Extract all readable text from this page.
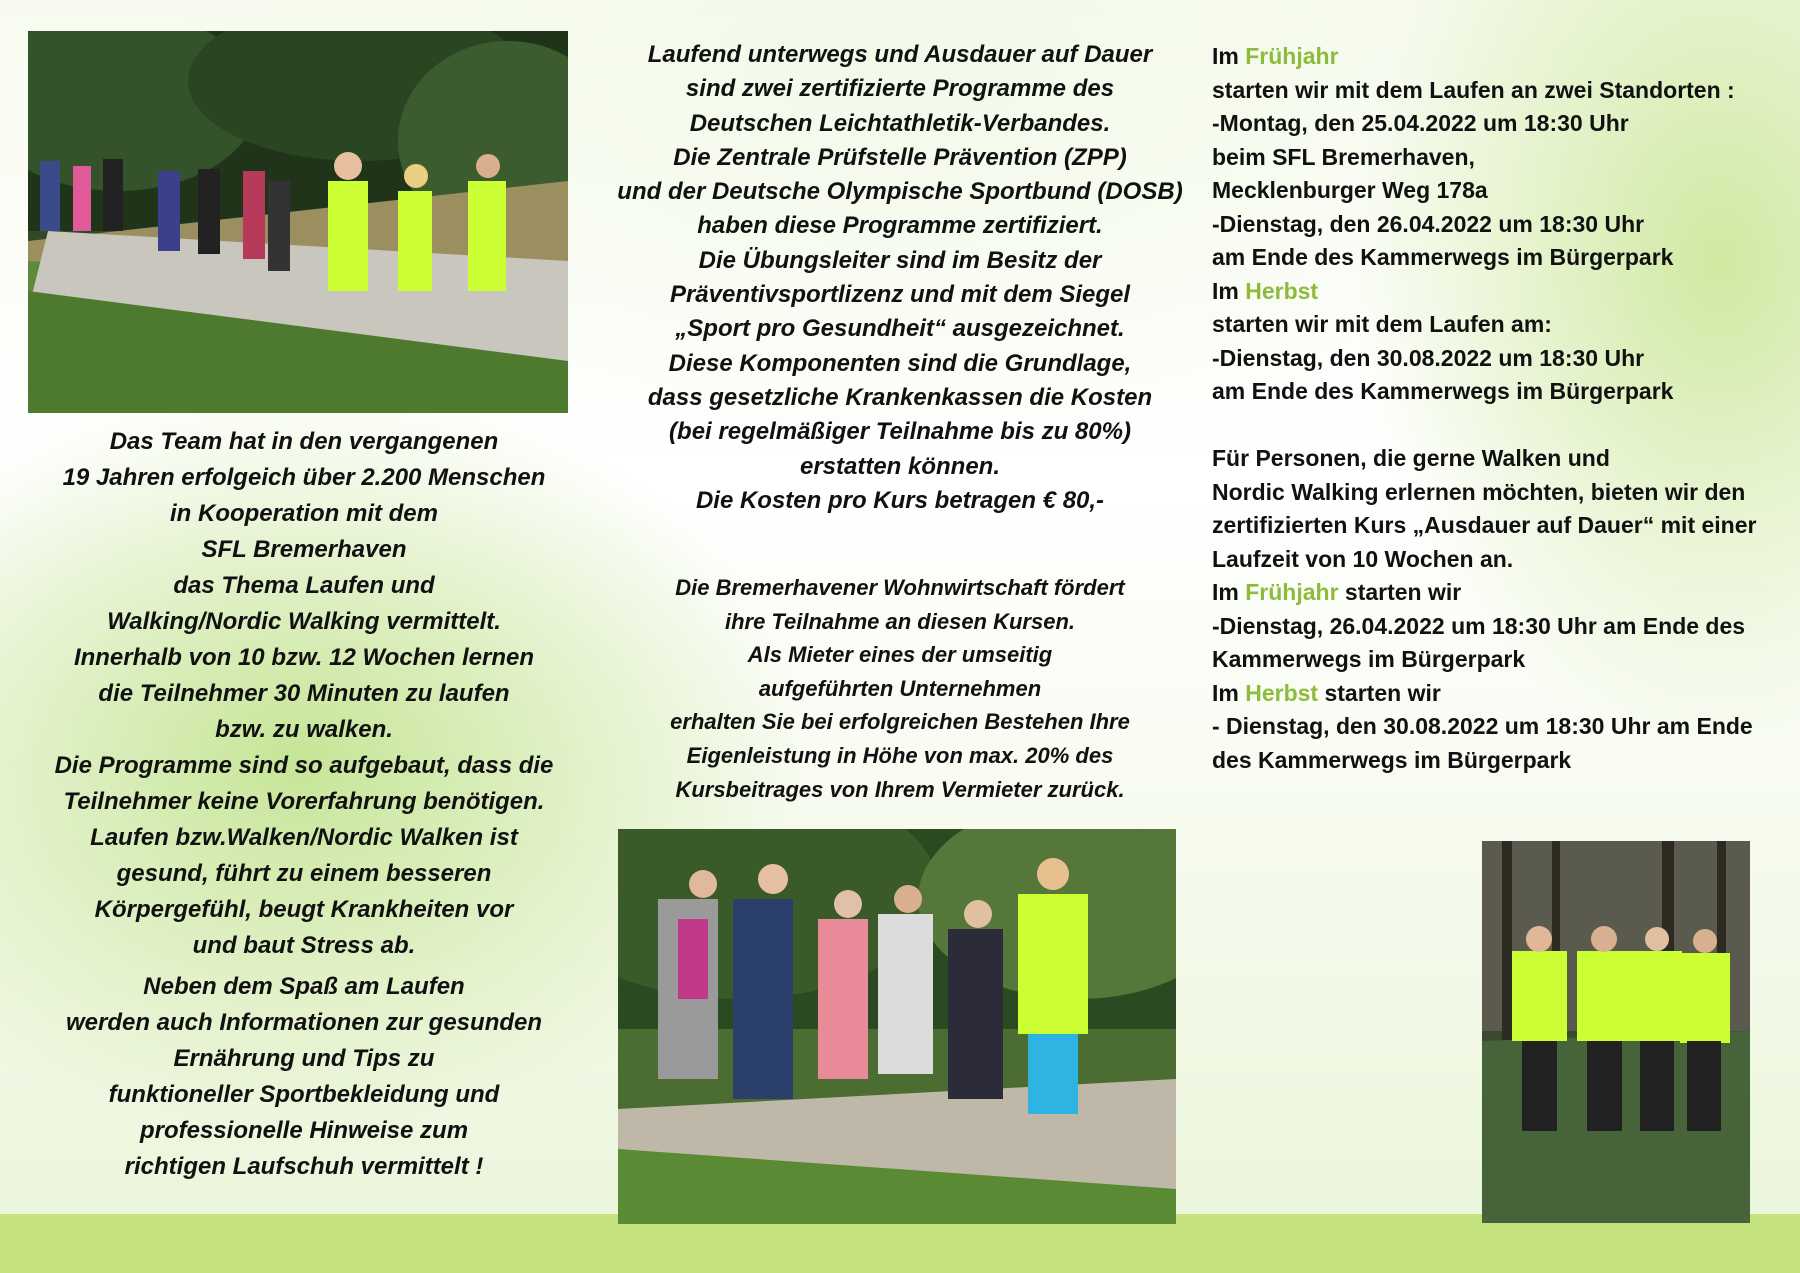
Das Team hat in den vergangenen

19 Jahren erfolgeich über 2.200 Menschen

in Kooperation mit dem

SFL Bremerhaven

das Thema Laufen und

Walking/Nordic Walking vermittelt.

Innerhalb von 10 bzw. 12 Wochen lernen

die Teilnehmer 30 Minuten zu laufen

bzw. zu walken.

Die Programme sind so aufgebaut, dass die

Teilnehmer keine Vorerfahrung benötigen.

Laufen bzw.Walken/Nordic Walken ist

gesund, führt zu einem besseren

Körpergefühl, beugt Krankheiten vor

und baut Stress ab.

Neben dem Spaß am Laufen

werden auch Informationen zur gesunden

Ernährung und Tips zu

funktioneller Sportbekleidung und

professionelle Hinweise zum

richtigen Laufschuh vermittelt !

Laufend unterwegs und Ausdauer auf Dauer

sind zwei zertifizierte Programme des

Deutschen Leichtathletik-Verbandes.

Die Zentrale Prüfstelle Prävention (ZPP)

und der Deutsche Olympische Sportbund (DOSB)

haben diese Programme zertifiziert.

Die Übungsleiter sind im Besitz der

Präventivsportlizenz und mit dem Siegel

„Sport pro Gesundheit“ ausgezeichnet.

Diese Komponenten sind die Grundlage,

dass gesetzliche Krankenkassen die Kosten

(bei regelmäßiger Teilnahme bis zu 80%)

erstatten können.

Die Kosten pro Kurs betragen € 80,-

Die Bremerhavener Wohnwirtschaft fördert

ihre Teilnahme an diesen Kursen.

Als Mieter eines der umseitig

aufgeführten Unternehmen

erhalten Sie bei erfolgreichen Bestehen Ihre

Eigenleistung in Höhe von max. 20% des

Kursbeitrages von Ihrem Vermieter zurück.

Im Frühjahr

starten wir mit dem Laufen an zwei Standorten :

-Montag, den 25.04.2022 um 18:30 Uhr

beim SFL Bremerhaven,

Mecklenburger Weg 178a

-Dienstag, den 26.04.2022 um 18:30 Uhr

am Ende des Kammerwegs im Bürgerpark

Im Herbst

starten wir mit dem Laufen am:

-Dienstag, den 30.08.2022 um 18:30 Uhr

am Ende des Kammerwegs im Bürgerpark

Für Personen, die gerne Walken und

Nordic Walking erlernen möchten, bieten wir den

zertifizierten Kurs „Ausdauer auf Dauer“ mit einer

Laufzeit von 10 Wochen an.

Im Frühjahr starten wir

-Dienstag, 26.04.2022 um 18:30 Uhr am Ende des

Kammerwegs im Bürgerpark

Im Herbst starten wir

- Dienstag, den 30.08.2022 um 18:30 Uhr am Ende

des Kammerwegs im Bürgerpark
